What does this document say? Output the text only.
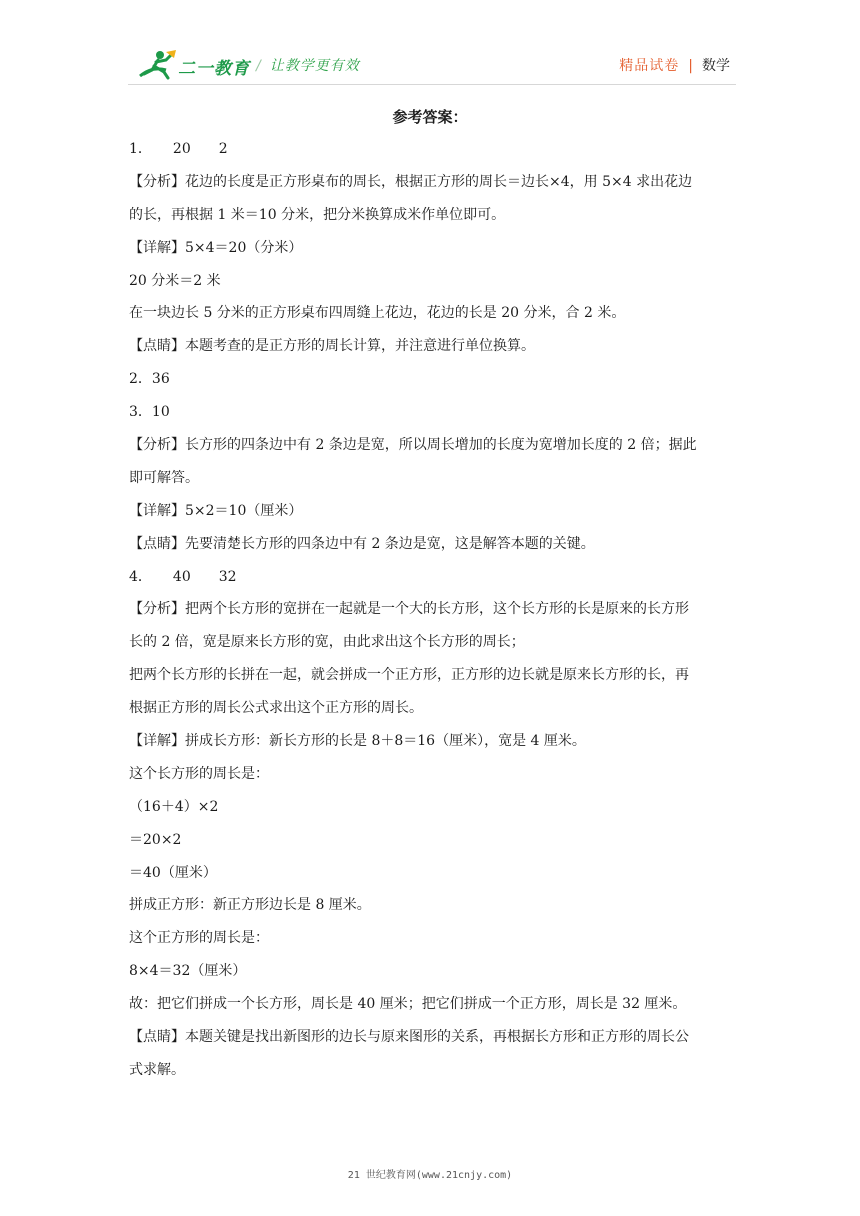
二一教育 / 让教学更有效	精品试卷 | 数学
参考答案：
1．　　20　　2
【分析】花边的长度是正方形桌布的周长，根据正方形的周长＝边长×4，用 5×4 求出花边
的长，再根据 1 米＝10 分米，把分米换算成米作单位即可。
【详解】5×4＝20（分米）
20 分米＝2 米
在一块边长 5 分米的正方形桌布四周缝上花边，花边的长是 20 分米，合 2 米。
【点睛】本题考查的是正方形的周长计算，并注意进行单位换算。
2．36
3．10
【分析】长方形的四条边中有 2 条边是宽，所以周长增加的长度为宽增加长度的 2 倍；据此
即可解答。
【详解】5×2＝10（厘米）
【点睛】先要清楚长方形的四条边中有 2 条边是宽，这是解答本题的关键。
4．　　40　　32
【分析】把两个长方形的宽拼在一起就是一个大的长方形，这个长方形的长是原来的长方形
长的 2 倍，宽是原来长方形的宽，由此求出这个长方形的周长；
把两个长方形的长拼在一起，就会拼成一个正方形，正方形的边长就是原来长方形的长，再
根据正方形的周长公式求出这个正方形的周长。
【详解】拼成长方形：新长方形的长是 8＋8＝16（厘米），宽是 4 厘米。
这个长方形的周长是：
（16＋4）×2
＝20×2
＝40（厘米）
拼成正方形：新正方形边长是 8 厘米。
这个正方形的周长是：
8×4＝32（厘米）
故：把它们拼成一个长方形，周长是 40 厘米；把它们拼成一个正方形，周长是 32 厘米。
【点睛】本题关键是找出新图形的边长与原来图形的关系，再根据长方形和正方形的周长公
式求解。
21 世纪教育网(www.21cnjy.com)
